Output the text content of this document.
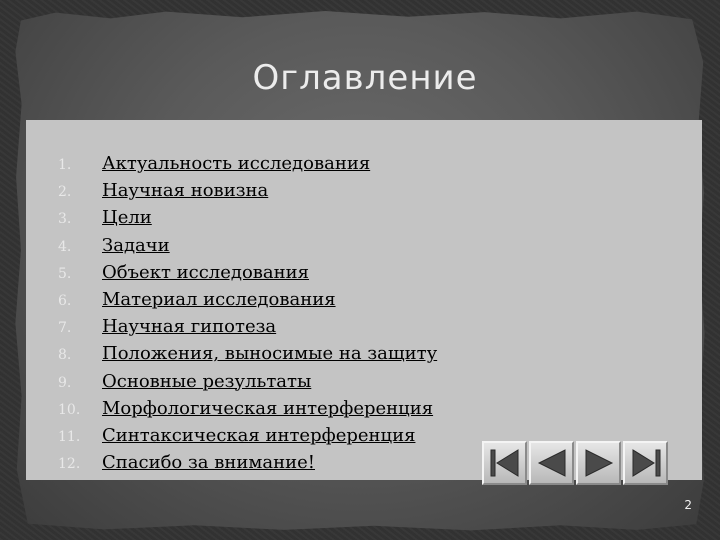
Оглавление
1.	Актуальность исследования
2.	Научная новизна
3.	Цели
4.	Задачи
5.	Объект исследования
6.	Материал исследования
7.	Научная гипотеза
8.	Положения, выносимые на защиту
9.	Основные результаты
10.	Морфологическая интерференция
11.	Синтаксическая интерференция
12.	Спасибо за внимание!
2
